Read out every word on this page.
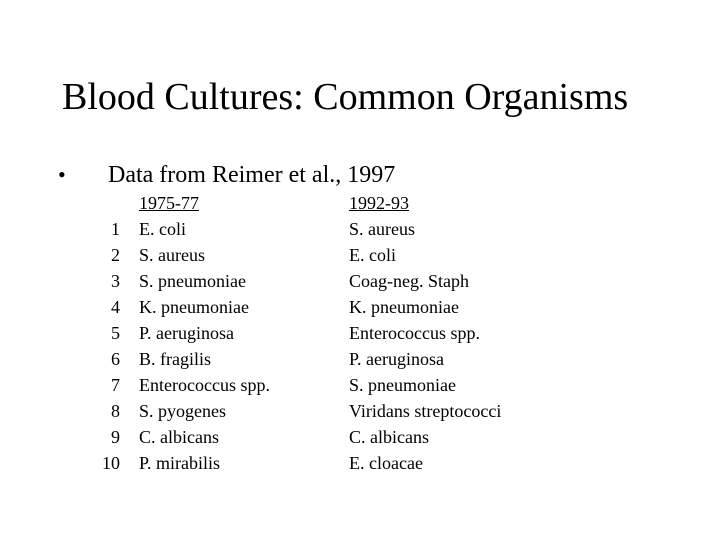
Blood Cultures: Common Organisms
• Data from Reimer et al., 1997
1975-77	1992-93
1 E. coli	S. aureus
2 S. aureus	E. coli
3 S. pneumoniae	Coag-neg. Staph
4 K. pneumoniae	K. pneumoniae
5 P. aeruginosa	Enterococcus spp.
6 B. fragilis	P. aeruginosa
7 Enterococcus spp.	S. pneumoniae
8 S. pyogenes	Viridans streptococci
9 C. albicans	C. albicans
10 P. mirabilis	E. cloacae
